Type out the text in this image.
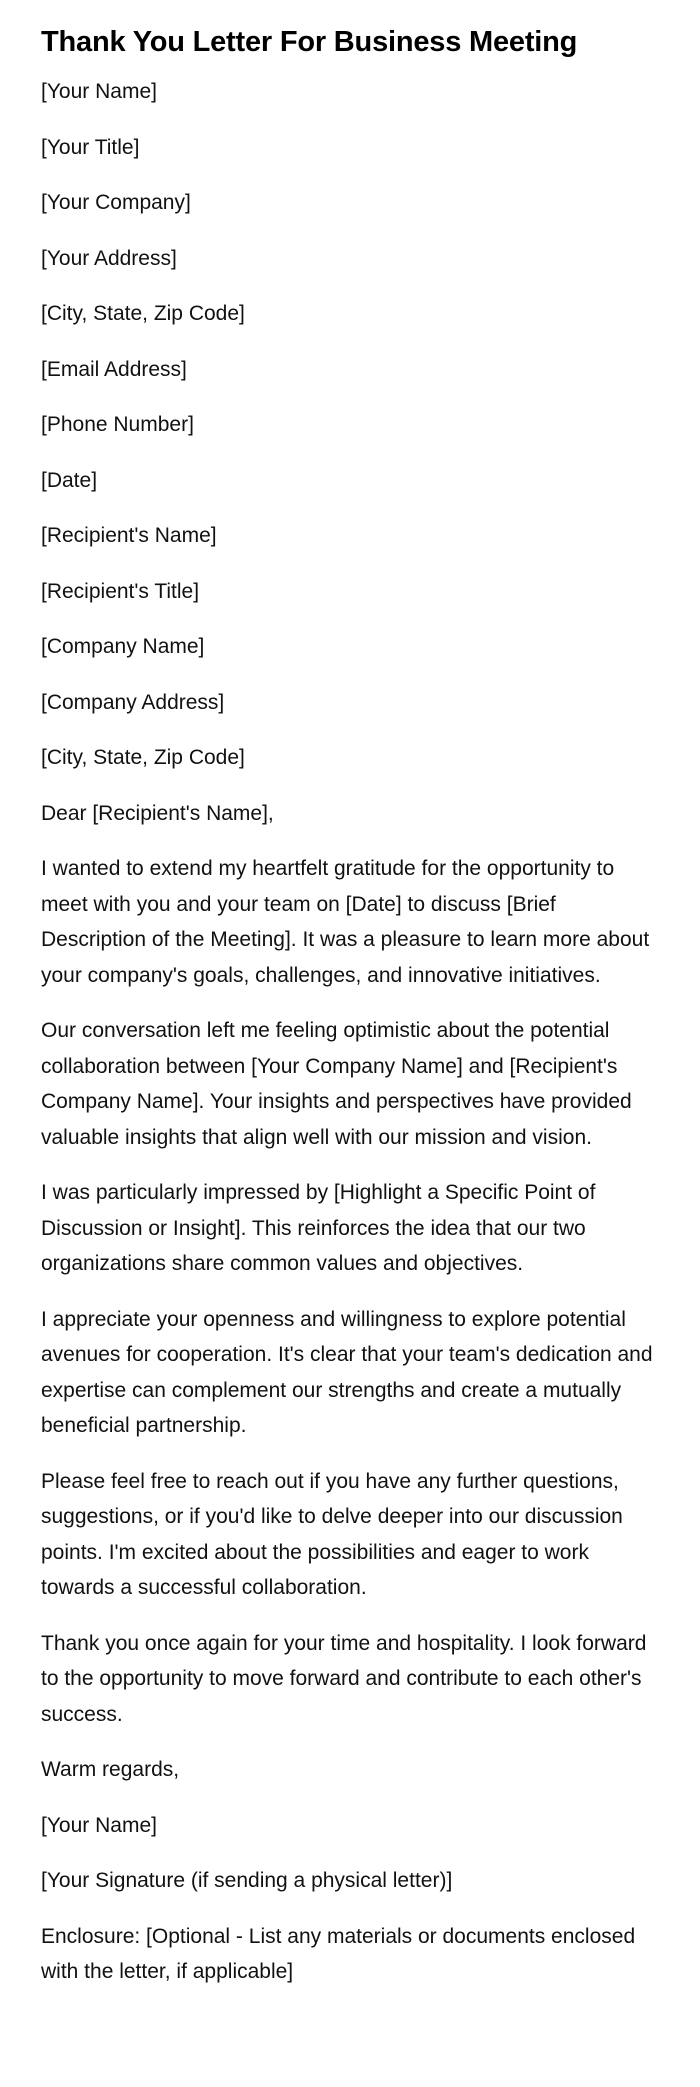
Thank You Letter For Business Meeting

[Your Name]

[Your Title]

[Your Company]

[Your Address]

[City, State, Zip Code]

[Email Address]

[Phone Number]

[Date]

[Recipient's Name]

[Recipient's Title]

[Company Name]

[Company Address]

[City, State, Zip Code]

Dear [Recipient's Name],

I wanted to extend my heartfelt gratitude for the opportunity to meet with you and your team on [Date] to discuss [Brief Description of the Meeting]. It was a pleasure to learn more about your company's goals, challenges, and innovative initiatives.

Our conversation left me feeling optimistic about the potential collaboration between [Your Company Name] and [Recipient's Company Name]. Your insights and perspectives have provided valuable insights that align well with our mission and vision.

I was particularly impressed by [Highlight a Specific Point of Discussion or Insight]. This reinforces the idea that our two organizations share common values and objectives.

I appreciate your openness and willingness to explore potential avenues for cooperation. It's clear that your team's dedication and expertise can complement our strengths and create a mutually beneficial partnership.

Please feel free to reach out if you have any further questions, suggestions, or if you'd like to delve deeper into our discussion points. I'm excited about the possibilities and eager to work towards a successful collaboration.

Thank you once again for your time and hospitality. I look forward to the opportunity to move forward and contribute to each other's success.

Warm regards,

[Your Name]

[Your Signature (if sending a physical letter)]

Enclosure: [Optional - List any materials or documents enclosed with the letter, if applicable]
